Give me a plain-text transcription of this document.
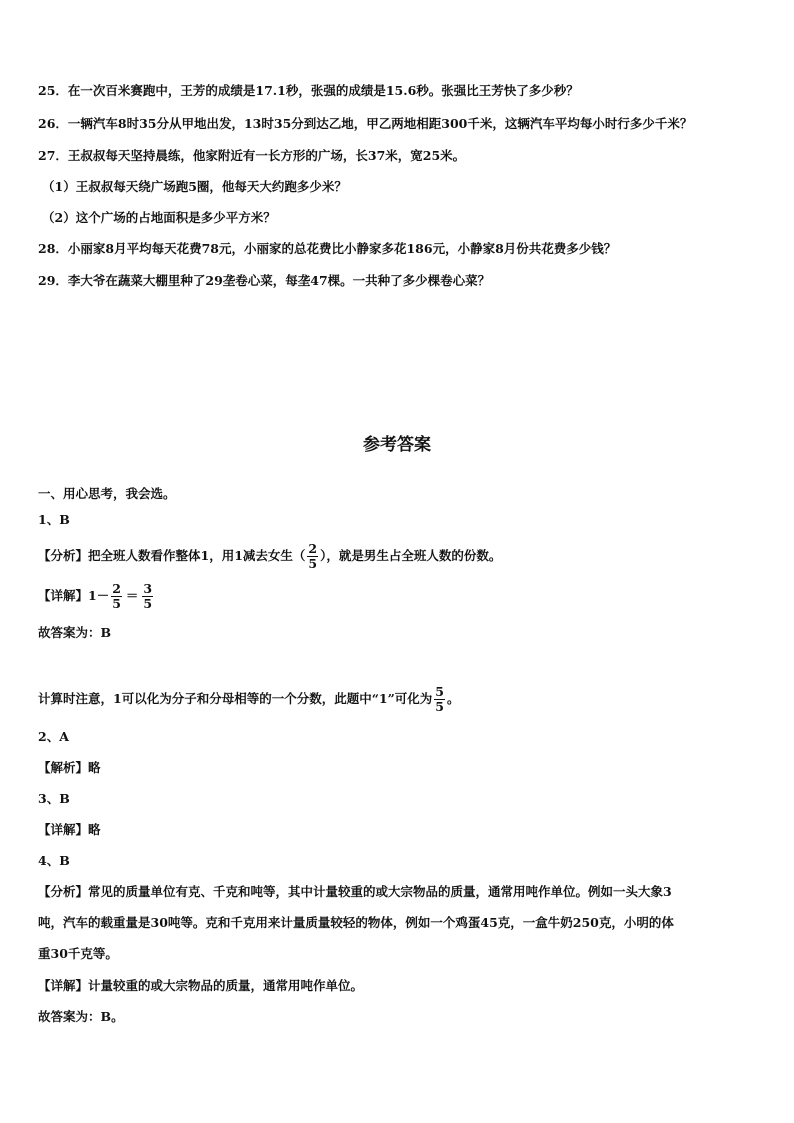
25．在一次百米赛跑中，王芳的成绩是17.1秒，张强的成绩是15.6秒。张强比王芳快了多少秒？

26．一辆汽车8时35分从甲地出发，13时35分到达乙地，甲乙两地相距300千米，这辆汽车平均每小时行多少千米？

27．王叔叔每天坚持晨练，他家附近有一长方形的广场，长37米，宽25米。

（1）王叔叔每天绕广场跑5圈，他每天大约跑多少米？

（2）这个广场的占地面积是多少平方米？

28．小丽家8月平均每天花费78元，小丽家的总花费比小静家多花186元，小静家8月份共花费多少钱？

29．李大爷在蔬菜大棚里种了29垄卷心菜，每垄47棵。一共种了多少棵卷心菜？

参考答案

一、用心思考，我会选。

1、B

【分析】把全班人数看作整体1，用1减去女生（ $\frac{2}{5}$ ），就是男生占全班人数的份数。

【详解】$1- \frac{2}{5} = \frac{3}{5}$

故答案为：B

计算时注意，1可以化为分子和分母相等的一个分数，此题中“1”可化为 $\frac{5}{5}$ 。

2、A

【解析】略

3、B

【详解】略

4、B

【分析】常见的质量单位有克、千克和吨等，其中计量较重的或大宗物品的质量，通常用吨作单位。例如一头大象3

吨，汽车的载重量是30吨等。克和千克用来计量质量较轻的物体，例如一个鸡蛋45克，一盒牛奶250克，小明的体

重30千克等。

【详解】计量较重的或大宗物品的质量，通常用吨作单位。

故答案为：B。
